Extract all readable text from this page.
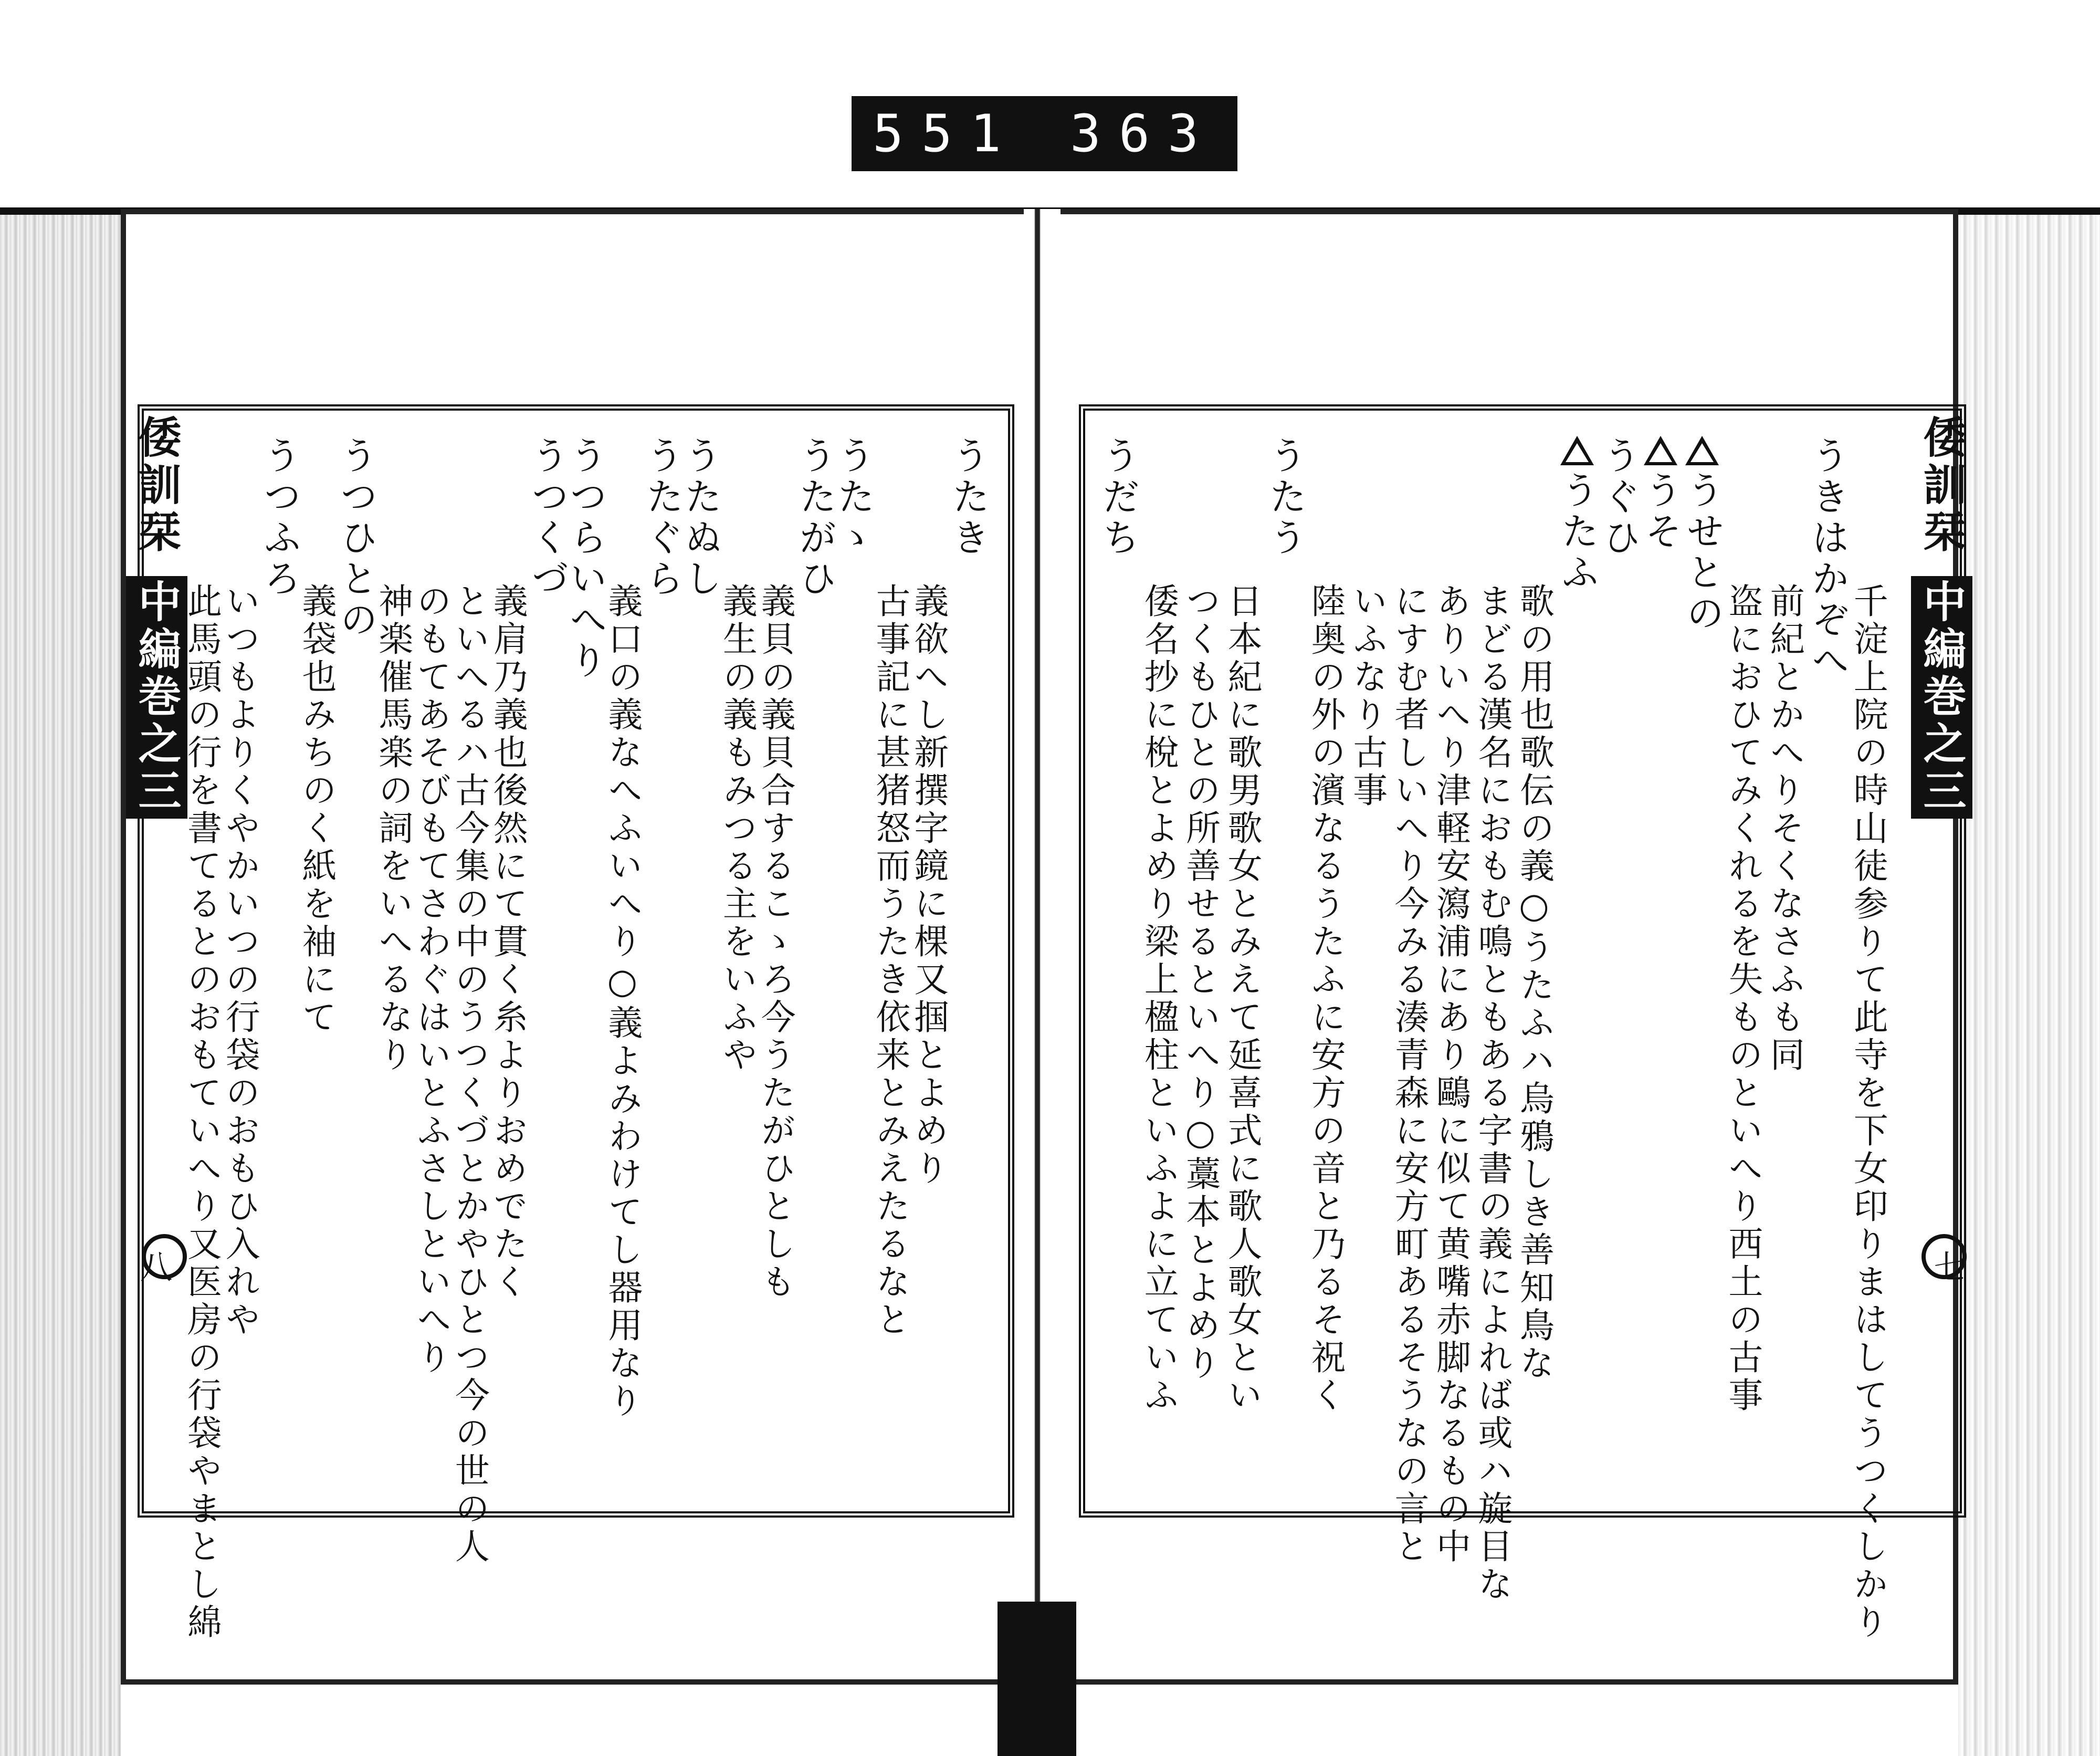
551 363
倭訓栞 中編巻之三
倭訓栞 中編巻之三
八	七
うたき
義欲へし新撰字鏡に棵又掴とよめり
古事記に甚猪怒而うたき依来とみえたるなと
うたゝ
うたがひ
義貝の義貝合するこゝろ今うたがひとしも
義生の義もみつる主をいふや
うたぬし
うたぐら
義口の義なへふいへり○義よみわけてし器用なり
うつらいへり
うつくづ
義肩乃義也後然にて貫く糸よりおめでたく
といへるハ古今集の中のうつくづとかやひとつ今の世の人
のもてあそびもてさわぐはいとふさしといへり
神楽催馬楽の詞をいへるなり
うつひとの
義袋也みちのく紙を袖にて
うつふろ
いつもよりくやかいつの行袋のおもひ入れや
此馬頭の行を書てるとのおもていへり又医房の行袋やまとし綿	千淀上院の時山徒参りて此寺を下女印りまはしてうつくしかり
うきはかぞへ
前紀とかへりそくなさふも同
盗におひてみくれるを失ものといへり西土の古事
うせとの
うそ
うぐひ
うたふ
歌の用也歌伝の義○うたふハ烏鴉しき善知鳥な
まどる漢名におもむ鳴ともある字書の義によれば或ハ旋目な
ありいへり津軽安瀉浦にあり鷗に似て黄嘴赤脚なるもの中
にすむ者しいへり今みる湊青森に安方町あるそうなの言と
いふなり古事
陸奥の外の濱なるうたふに安方の音と乃るそ祝く
うたう
日本紀に歌男歌女とみえて延喜式に歌人歌女とい
つくもひとの所善せるといへり○藁本とよめり
倭名抄に梲とよめり梁上楹柱といふよに立ていふ
うだち
